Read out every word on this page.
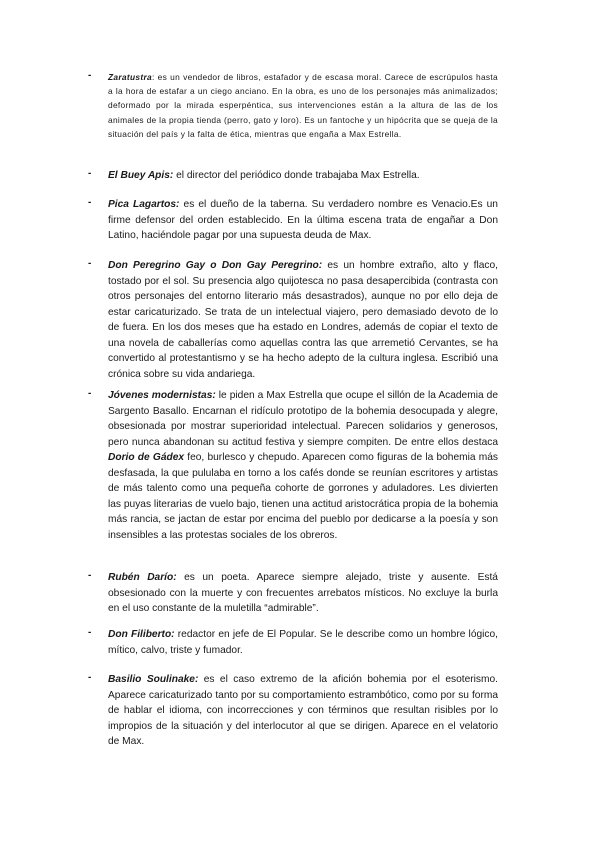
- Zaratustra: es un vendedor de libros, estafador y de escasa moral. Carece de escrúpulos hasta a la hora de estafar a un ciego anciano. En la obra, es uno de los personajes más animalizados; deformado por la mirada esperpéntica, sus intervenciones están a la altura de las de los animales de la propia tienda (perro, gato y loro). Es un fantoche y un hipócrita que se queja de la situación del país y la falta de ética, mientras que engaña a Max Estrella.
- El Buey Apis: el director del periódico donde trabajaba Max Estrella.
- Pica Lagartos: es el dueño de la taberna. Su verdadero nombre es Venacio.Es un firme defensor del orden establecido. En la última escena trata de engañar a Don Latino, haciéndole pagar por una supuesta deuda de Max.
- Don Peregrino Gay o Don Gay Peregrino: es un hombre extraño, alto y flaco, tostado por el sol. Su presencia algo quijotesca no pasa desapercibida (contrasta con otros personajes del entorno literario más desastrados), aunque no por ello deja de estar caricaturizado. Se trata de un intelectual viajero, pero demasiado devoto de lo de fuera. En los dos meses que ha estado en Londres, además de copiar el texto de una novela de caballerías como aquellas contra las que arremetió Cervantes, se ha convertido al protestantismo y se ha hecho adepto de la cultura inglesa. Escribió una crónica sobre su vida andariega.
- Jóvenes modernistas: le piden a Max Estrella que ocupe el sillón de la Academia de Sargento Basallo. Encarnan el ridículo prototipo de la bohemia desocupada y alegre, obsesionada por mostrar superioridad intelectual. Parecen solidarios y generosos, pero nunca abandonan su actitud festiva y siempre compiten. De entre ellos destaca Dorio de Gádex feo, burlesco y chepudo. Aparecen como figuras de la bohemia más desfasada, la que pululaba en torno a los cafés donde se reunían escritores y artistas de más talento como una pequeña cohorte de gorrones y aduladores. Les divierten las puyas literarias de vuelo bajo, tienen una actitud aristocrática propia de la bohemia más rancia, se jactan de estar por encima del pueblo por dedicarse a la poesía y son insensibles a las protestas sociales de los obreros.
- Rubén Darío: es un poeta. Aparece siempre alejado, triste y ausente. Está obsesionado con la muerte y con frecuentes arrebatos místicos. No excluye la burla en el uso constante de la muletilla “admirable”.
- Don Filiberto: redactor en jefe de El Popular. Se le describe como un hombre lógico, mítico, calvo, triste y fumador.
- Basilio Soulinake: es el caso extremo de la afición bohemia por el esoterismo. Aparece caricaturizado tanto por su comportamiento estrambótico, como por su forma de hablar el idioma, con incorrecciones y con términos que resultan risibles por lo impropios de la situación y del interlocutor al que se dirigen. Aparece en el velatorio de Max.
